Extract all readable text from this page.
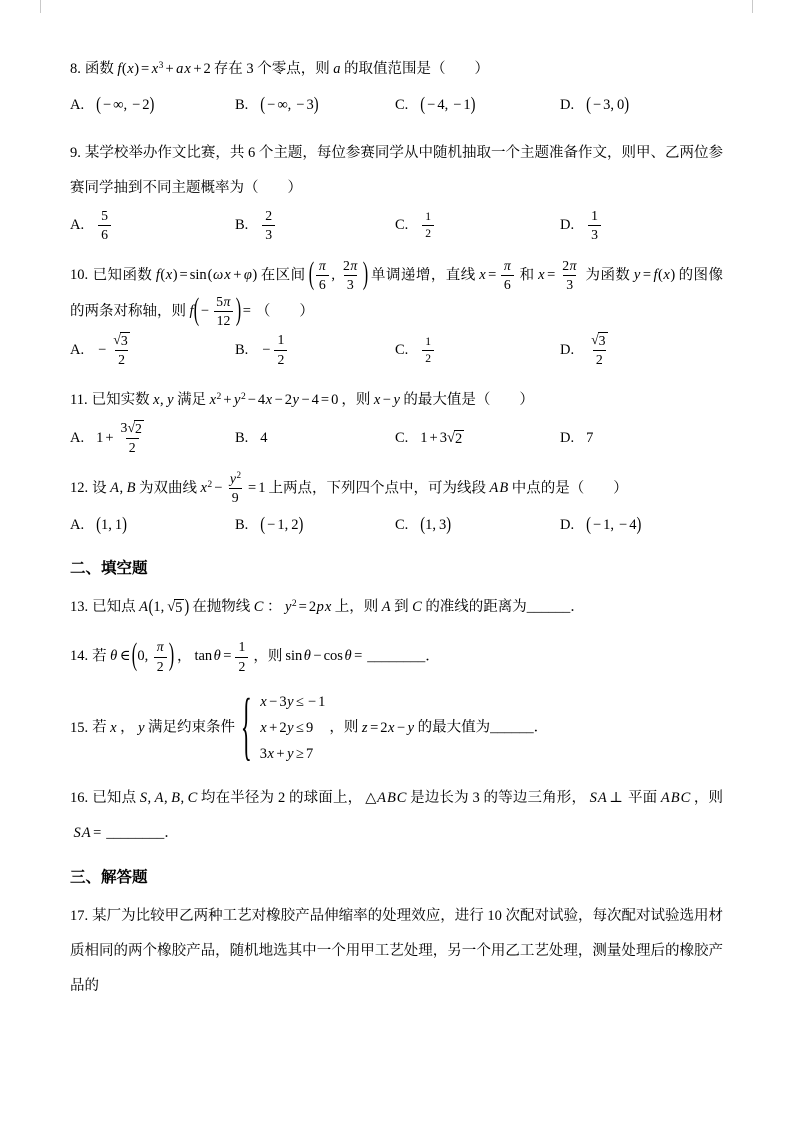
8. 函数 $f(x) = x^3$ + ax + 2 存在 3 个零点，则 a 的取值范围是（　　）
A. ( − ∞, − 2)	B. ( − ∞, − 3)	C. ( − 4, − 1)	D. ( − 3, 0)
9. 某学校举办作文比赛，共 6 个主题，每位参赛同学从中随机抽取一个主题准备作文，则甲、乙两位参赛同学抽到不同主题概率为（　　）
A.	$\frac{5}{6}$	B.	$\frac{2}{3}$	C.	$\frac{1}{2}$	D.	$\frac{1}{3}$
10. 已知函数 f(x) = sin(ωx + φ) 在区间 ( $\frac{\pi}{6}$ , $\frac{2\pi}{3}$ ) 单调递增，直线 $x = \frac{\pi}{6}$ 和 $x = \frac{2\pi}{3}$ 为函数 y = f(x) 的图像的两条对称轴，则 $f( - \frac{5\pi}{12}$ ) = （　　）
A. − $\frac{√ 3}{2}$	B. − $\frac{1}{2}$	C.	$\frac{1}{2}$	D.	$\frac{√ 3}{2}$
11. 已知实数 x, y 满足 $x^2 + y^2 - 4x - 2y - 4 = 0$ ，则 x − y 的最大值是（　　）
A. $1 + \frac{3 √ 2}{2}$	B. 4	C. 1 + 3 √ 2	D. 7
12. 设 A, B 为双曲线 $x^2 - \frac{y^2}{9} = 1$ 上两点，下列四个点中，可为线段 AB 中点的是（　　）
A. (1, 1)	B. ( − 1, 2)	C. (1, 3)	D. ( − 1, − 4)
二、填空题
13. 已知点 A(1, √ 5 ) 在抛物线 C ： $y^2 = 2px$ 上，则 A 到 C 的准线的距离为______．
14. 若 θ ∈ (0, $\frac{\pi}{2}$ ) ， $\tan \theta = \frac{1}{2}$ ，则 sin θ − cos θ = ________．
15. 若 x ， y 满足约束条件 { x − 3y ≤ − 1
x + 2y ≤ 9
3x + y ≥ 7
，则 z = 2x − y 的最大值为______．
16. 已知点 S, A, B, C 均在半径为 2 的球面上， △ABC 是边长为 3 的等边三角形， SA ⊥ 平面 ABC ，则SA = ________．
三、解答题
17. 某厂为比较甲乙两种工艺对橡胶产品伸缩率的处理效应，进行 10 次配对试验，每次配对试验选用材质相同的两个橡胶产品，随机地选其中一个用甲工艺处理，另一个用乙工艺处理，测量处理后的橡胶产品的
